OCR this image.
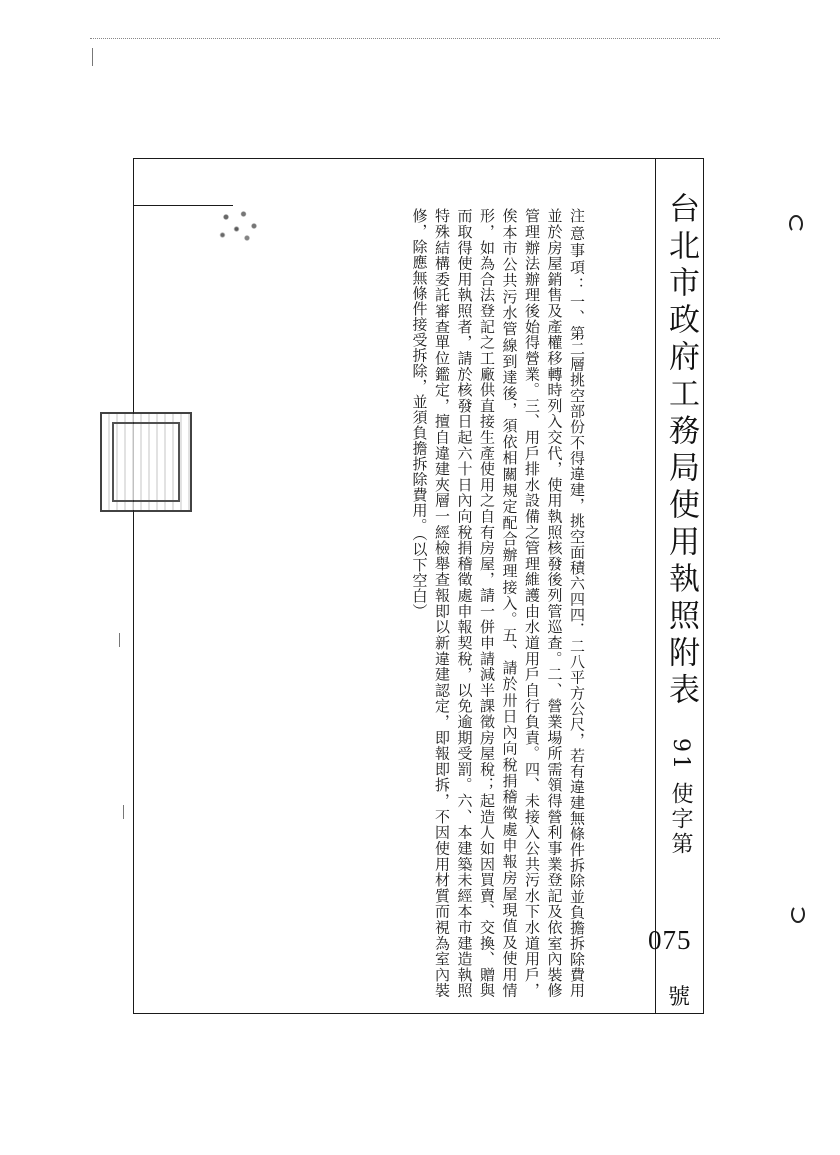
台北市政府工務局使用執照附表
91 使字第
075
號

注意事項：一、第二層挑空部份不得違建，挑空面積六四四．二八平方公尺，若有違建無條件拆除並負擔拆除費用並於房屋銷售及產權移轉時列入交代，使用執照核發後列管巡查。二、營業場所需領得營利事業登記及依室內裝修管理辦法辦理後始得營業。三、用戶排水設備之管理維護由水道用戶自行負責。四、未接入公共污水下水道用戶，俟本市公共污水管線到達後，須依相關規定配合辦理接入。五、請於卅日內向稅捐稽徵處申報房屋現值及使用情形，如為合法登記之工廠供直接生產使用之自有房屋，請一併申請減半課徵房屋稅；起造人如因買賣、交換、贈與而取得使用執照者，請於核發日起六十日內向稅捐稽徵處申報契稅，以免逾期受罰。六、本建築未經本市建造執照特殊結構委託審查單位鑑定，擅自違建夾層一經檢舉查報即以新違建認定，即報即拆，不因使用材質而視為室內裝修，除應無條件接受拆除，並須負擔拆除費用。（以下空白）
